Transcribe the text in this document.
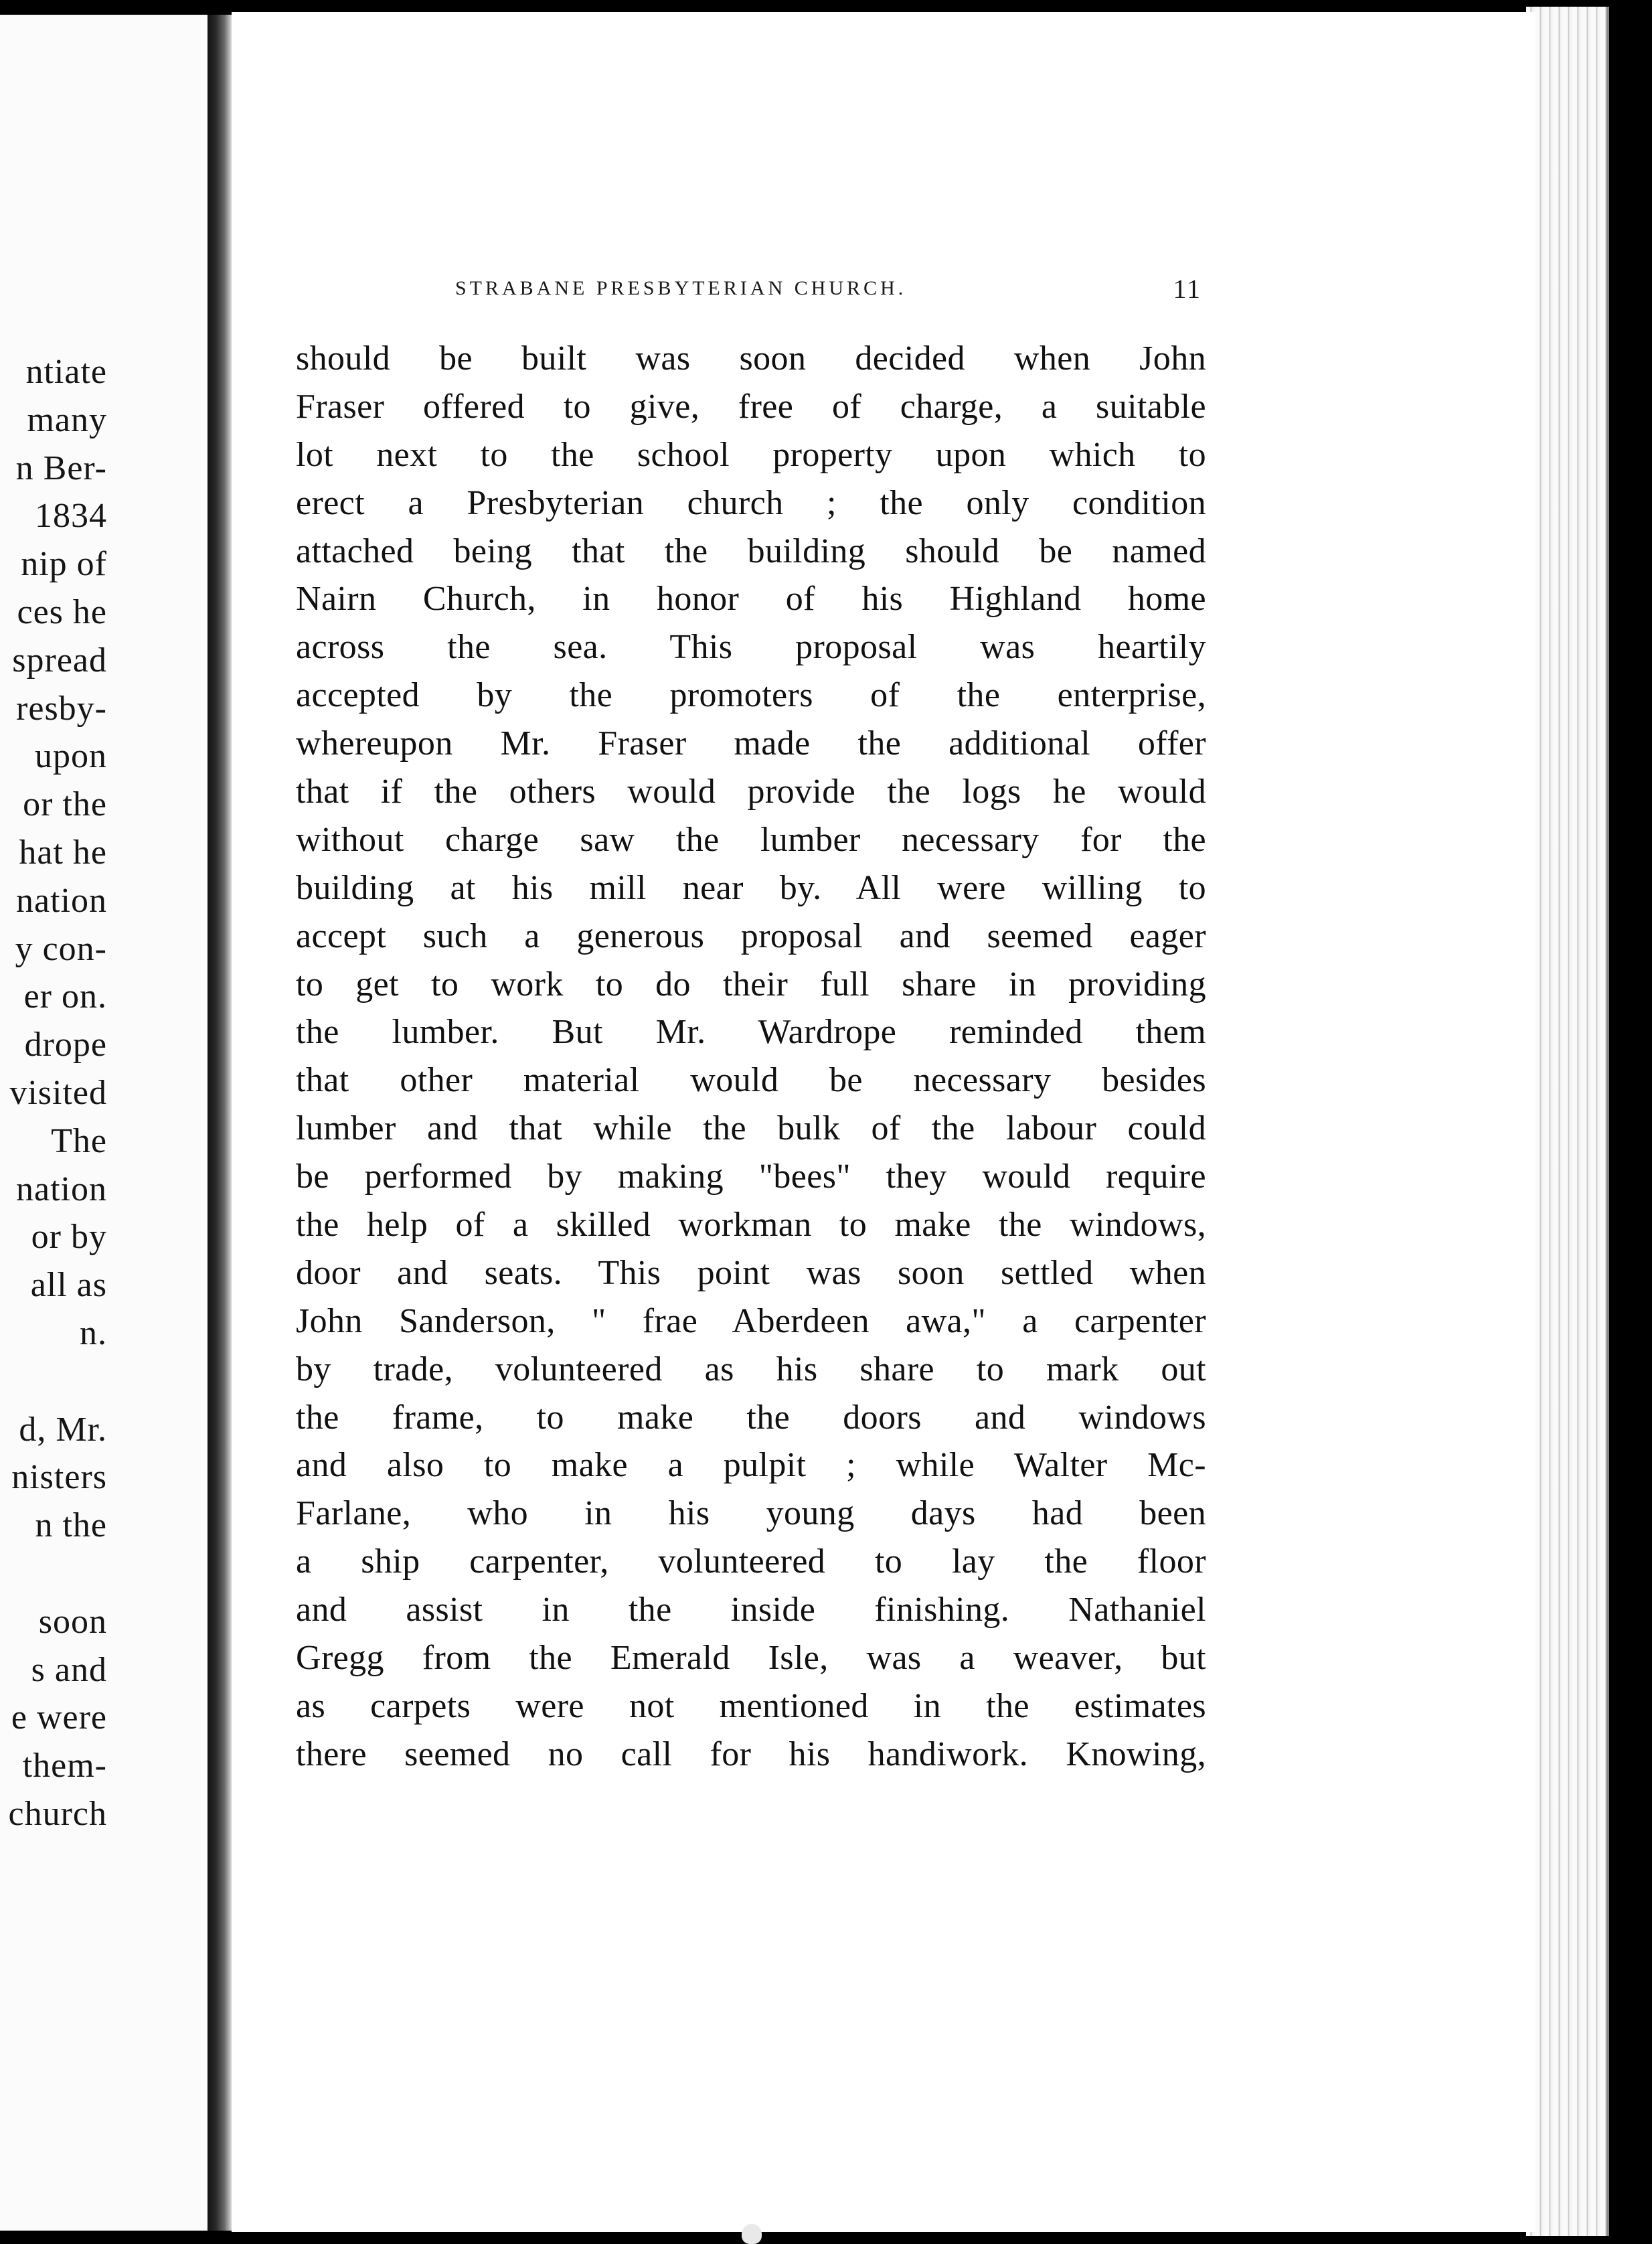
ntiate
many
n Ber-
1834
nip of
ces he
spread
resby-
upon
or the
hat he
nation
y con-
er on.
drope
visited
The
nation
or by
all as
n.
d, Mr.
nisters
n the
soon
s and
e were
them-
church
STRABANE PRESBYTERIAN CHURCH.	11
should be built was soon decided when John
Fraser offered to give, free of charge, a suitable
lot next to the school property upon which to
erect a Presbyterian church ; the only condition
attached being that the building should be named
Nairn Church, in honor of his Highland home
across the sea. This proposal was heartily
accepted by the promoters of the enterprise,
whereupon Mr. Fraser made the additional offer
that if the others would provide the logs he would
without charge saw the lumber necessary for the
building at his mill near by. All were willing to
accept such a generous proposal and seemed eager
to get to work to do their full share in providing
the lumber. But Mr. Wardrope reminded them
that other material would be necessary besides
lumber and that while the bulk of the labour could
be performed by making "bees" they would require
the help of a skilled workman to make the windows,
door and seats. This point was soon settled when
John Sanderson, " frae Aberdeen awa," a carpenter
by trade, volunteered as his share to mark out
the frame, to make the doors and windows
and also to make a pulpit ; while Walter Mc-
Farlane, who in his young days had been
a ship carpenter, volunteered to lay the floor
and assist in the inside finishing. Nathaniel
Gregg from the Emerald Isle, was a weaver, but
as carpets were not mentioned in the estimates
there seemed no call for his handiwork. Knowing,
